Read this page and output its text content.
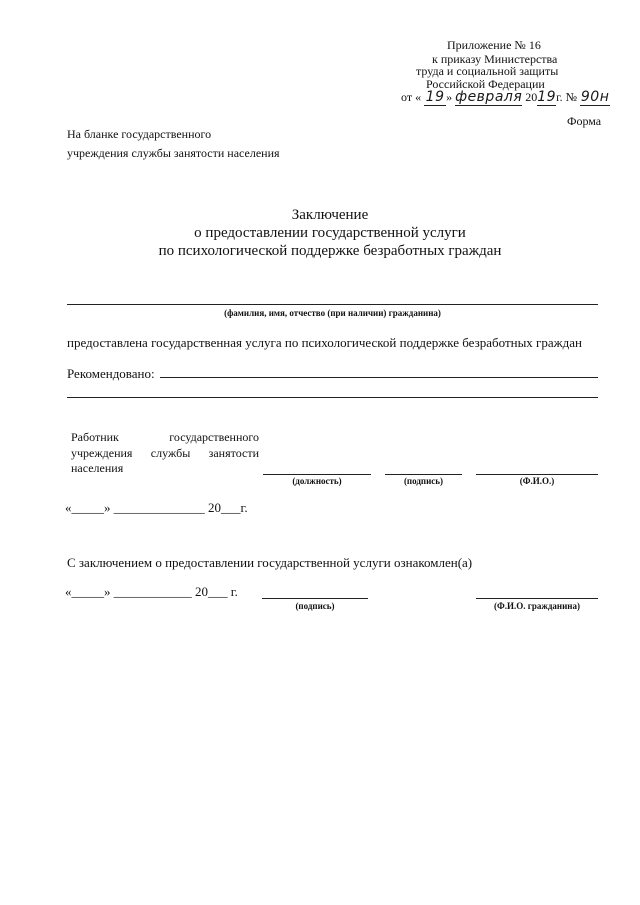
Приложение № 16
к приказу Министерства
труда и социальной защиты
Российской Федерации
от « 19 » февраля 2019г. № 90н
Форма
На бланке государственного
учреждения службы занятости населения
Заключение
о предоставлении государственной услуги
по психологической поддержке безработных граждан
(фамилия, имя, отчество (при наличии) гражданина)
предоставлена государственная услуга по психологической поддержке безработных граждан
Рекомендовано:
Работник	государственного
учреждения службы занятости
населения
(должность)	(подпись)	(Ф.И.О.)
«_____» ______________ 20___г.
С заключением о предоставлении государственной услуги ознакомлен(а)
«_____» ____________ 20___ г.
(подпись)	(Ф.И.О. гражданина)
